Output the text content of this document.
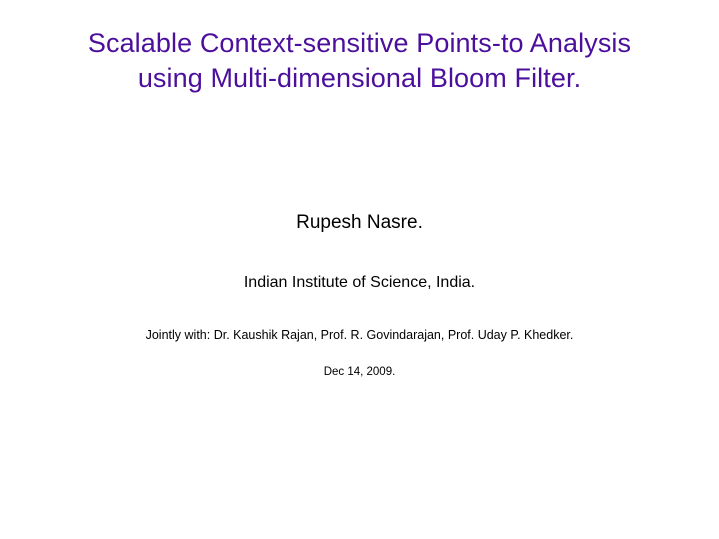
Scalable Context-sensitive Points-to Analysis
using Multi-dimensional Bloom Filter.
Rupesh Nasre.
Indian Institute of Science, India.
Jointly with: Dr. Kaushik Rajan, Prof. R. Govindarajan, Prof. Uday P. Khedker.
Dec 14, 2009.
